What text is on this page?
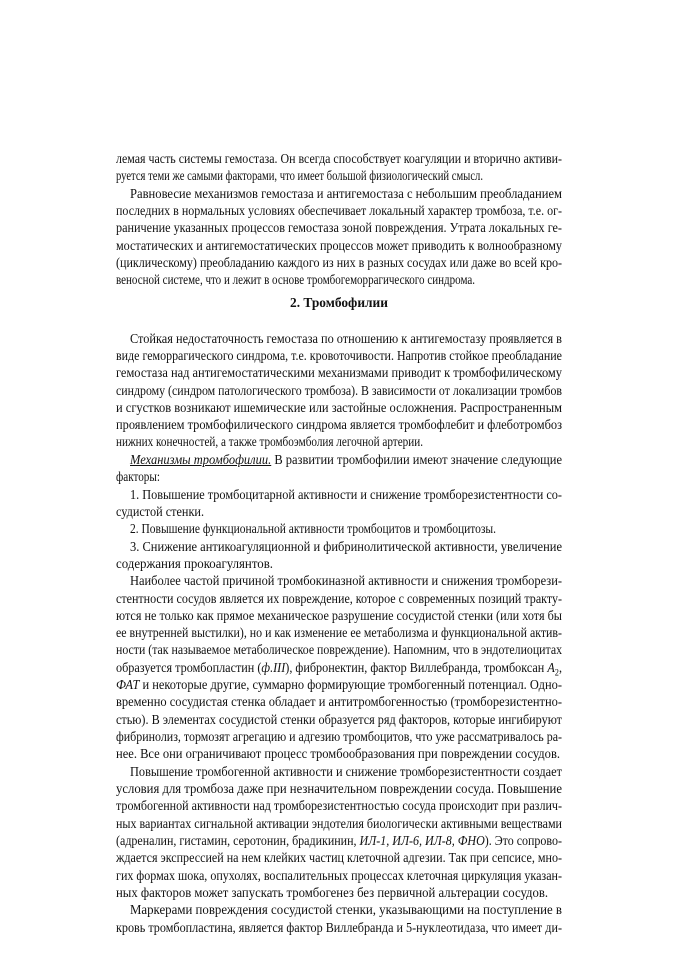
лемая часть системы гемостаза. Он всегда способствует коагуляции и вторично активи-
руется теми же самыми факторами, что имеет большой физиологический смысл.
Равновесие механизмов гемостаза и антигемостаза с небольшим преобладанием
последних в нормальных условиях обеспечивает локальный характер тромбоза, т.е. ог-
раничение указанных процессов гемостаза зоной повреждения. Утрата локальных ге-
мостатических и антигемостатических процессов может приводить к волнообразному
(циклическому) преобладанию каждого из них в разных сосудах или даже во всей кро-
веносной системе, что и лежит в основе тромбогеморрагического синдрома.
2. Тромбофилии
Стойкая недостаточность гемостаза по отношению к антигемостазу проявляется в
виде геморрагического синдрома, т.е. кровоточивости. Напротив стойкое преобладание
гемостаза над антигемостатическими механизмами приводит к тромбофилическому
синдрому (синдром патологического тромбоза). В зависимости от локализации тромбов
и сгустков возникают ишемические или застойные осложнения. Распространенным
проявлением тромбофилического синдрома является тромбофлебит и флеботромбоз
нижних конечностей, а также тромбоэмболия легочной артерии.
Механизмы тромбофилии. В развитии тромбофилии имеют значение следующие
факторы:
1. Повышение тромбоцитарной активности и снижение тромборезистентности со-
судистой стенки.
2. Повышение функциональной активности тромбоцитов и тромбоцитозы.
3. Снижение антикоагуляционной и фибринолитической активности, увеличение
содержания прокоагулянтов.
Наиболее частой причиной тромбокиназной активности и снижения тромборези-
стентности сосудов является их повреждение, которое с современных позиций тракту-
ются не только как прямое механическое разрушение сосудистой стенки (или хотя бы
ее внутренней выстилки), но и как изменение ее метаболизма и функциональной актив-
ности (так называемое метаболическое повреждение). Напомним, что в эндотелиоцитах
образуется тромбопластин (ф.III), фибронектин, фактор Виллебранда, тромбоксан $A_2$,
ФАТ и некоторые другие, суммарно формирующие тромбогенный потенциал. Одно-
временно сосудистая стенка обладает и антитромбогенностью (тромборезистентно-
стью). В элементах сосудистой стенки образуется ряд факторов, которые ингибируют
фибринолиз, тормозят агрегацию и адгезию тромбоцитов, что уже рассматривалось ра-
нее. Все они ограничивают процесс тромбообразования при повреждении сосудов.
Повышение тромбогенной активности и снижение тромборезистентности создает
условия для тромбоза даже при незначительном повреждении сосуда. Повышение
тромбогенной активности над тромборезистентностью сосуда происходит при различ-
ных вариантах сигнальной активации эндотелия биологически активными веществами
(адреналин, гистамин, серотонин, брадикинин, ИЛ-1, ИЛ-6, ИЛ-8, ФНО). Это сопрово-
ждается экспрессией на нем клейких частиц клеточной адгезии. Так при сепсисе, мно-
гих формах шока, опухолях, воспалительных процессах клеточная циркуляция указан-
ных факторов может запускать тромбогенез без первичной альтерации сосудов.
Маркерами повреждения сосудистой стенки, указывающими на поступление в
кровь тромбопластина, является фактор Виллебранда и 5-нуклеотидаза, что имеет ди-
